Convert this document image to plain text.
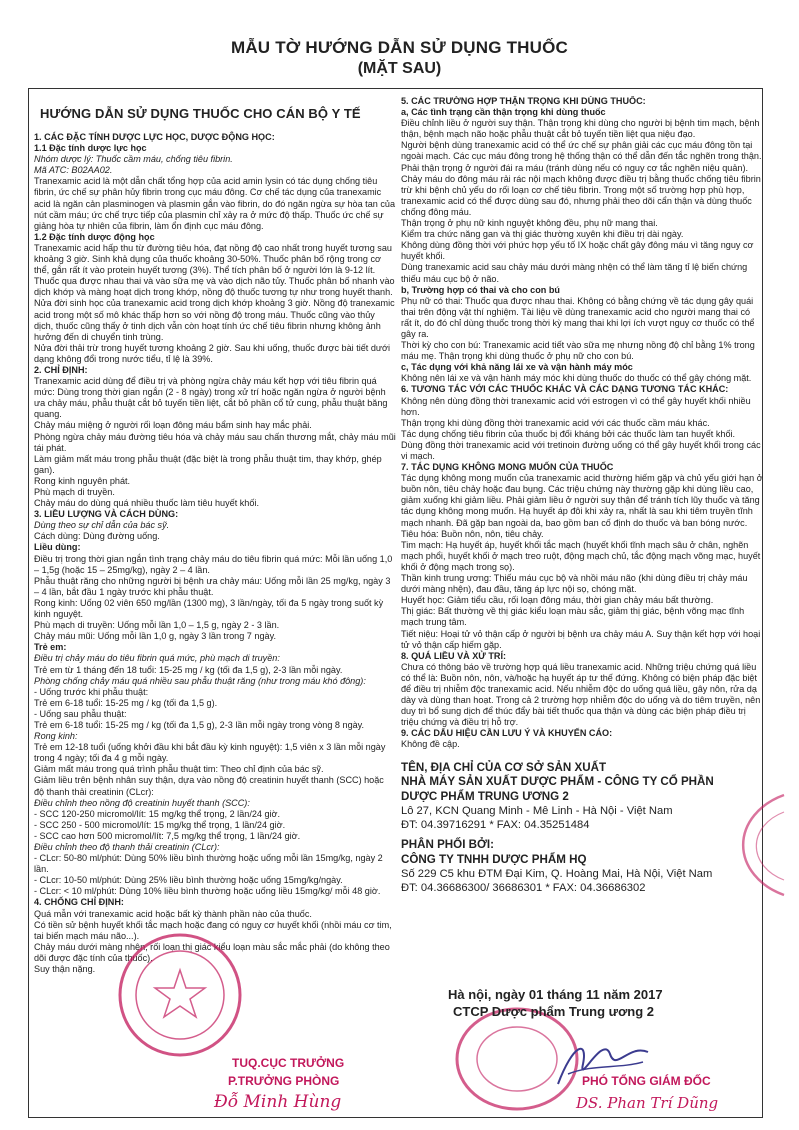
MẪU TỜ HƯỚNG DẪN SỬ DỤNG THUỐC
(MẶT SAU)
HƯỚNG DẪN SỬ DỤNG THUỐC CHO CÁN BỘ Y TẾ

1. CÁC ĐẶC TÍNH DƯỢC LỰC HỌC, DƯỢC ĐỘNG HỌC:

1.1 Đặc tính dược lực học

Nhóm dược lý: Thuốc cầm máu, chống tiêu fibrin.

Mã ATC: B02AA02.

Tranexamic acid là một dẫn chất tổng hợp của acid amin lysin có tác dụng chống tiêu fibrin, ức chế sự phân hủy fibrin trong cục máu đông. Cơ chế tác dụng của tranexamic acid là ngăn cản plasminogen và plasmin gắn vào fibrin, do đó ngăn ngừa sự hòa tan của nút cầm máu; ức chế trực tiếp của plasmin chỉ xảy ra ở mức độ thấp. Thuốc ức chế sự giảng hòa tự nhiên của fibrin, làm ổn định cục máu đông.

1.2 Đặc tính dược động học

Tranexamic acid hấp thu từ đường tiêu hóa, đạt nồng độ cao nhất trong huyết tương sau khoảng 3 giờ. Sinh khả dụng của thuốc khoảng 30-50%. Thuốc phân bố rộng trong cơ thể, gắn rất ít vào protein huyết tương (3%). Thể tích phân bố ở người lớn là 9-12 lít. Thuốc qua được nhau thai và vào sữa mẹ và vào dịch não tủy. Thuốc phân bố nhanh vào dịch khớp và màng hoạt dịch trong khớp, nồng độ thuốc tương tự như trong huyết thanh. Nửa đời sinh học của tranexamic acid trong dịch khớp khoảng 3 giờ. Nồng độ tranexamic acid trong một số mô khác thấp hơn so với nồng độ trong máu. Thuốc cũng vào thủy dịch, thuốc cũng thấy ở tinh dịch vẫn còn hoạt tính ức chế tiêu fibrin nhưng không ảnh hưởng đến di chuyển tinh trùng.

Nửa đời thải trừ trong huyết tương khoảng 2 giờ. Sau khi uống, thuốc được bài tiết dưới dạng không đổi trong nước tiểu, tỉ lệ là 39%.

2. CHỈ ĐỊNH:

Tranexamic acid dùng để điều trị và phòng ngừa chảy máu kết hợp với tiêu fibrin quá mức: Dùng trong thời gian ngắn (2 - 8 ngày) trong xử trí hoặc ngăn ngừa ở người bệnh ưa chảy máu, phẫu thuật cắt bỏ tuyến tiền liệt, cắt bỏ phần cổ tử cung, phẫu thuật băng quang.

Chảy máu miệng ở người rối loạn đông máu bẩm sinh hay mắc phải.

Phòng ngừa chảy máu đường tiêu hóa và chảy máu sau chấn thương mắt, chảy máu mũi tái phát.

Làm giảm mất máu trong phẫu thuật (đặc biệt là trong phẫu thuật tim, thay khớp, ghép gan).

Rong kinh nguyên phát.

Phù mạch di truyền.

Chảy máu do dùng quá nhiều thuốc làm tiêu huyết khối.

3. LIỀU LƯỢNG VÀ CÁCH DÙNG:

Dùng theo sự chỉ dẫn của bác sỹ.

Cách dùng: Dùng đường uống.

Liều dùng:

Điều trị trong thời gian ngắn tình trạng chảy máu do tiêu fibrin quá mức: Mỗi lần uống 1,0 – 1,5g (hoặc 15 – 25mg/kg), ngày 2 – 4 lần.

Phẫu thuật răng cho những người bị bệnh ưa chảy máu: Uống mỗi lần 25 mg/kg, ngày 3 – 4 lần, bắt đầu 1 ngày trước khi phẫu thuật.

Rong kinh: Uống 02 viên 650 mg/lần (1300 mg), 3 lần/ngày, tối đa 5 ngày trong suốt kỳ kinh nguyệt.

Phù mạch di truyền: Uống mỗi lần 1,0 – 1,5 g, ngày 2 - 3 lần.

Chảy máu mũi: Uống mỗi lần 1,0 g, ngày 3 lần trong 7 ngày.

Trẻ em:

Điều trị chảy máu do tiêu fibrin quá mức, phù mạch di truyền:

Trẻ em từ 1 tháng đến 18 tuổi: 15-25 mg / kg (tối đa 1,5 g), 2-3 lần mỗi ngày.

Phòng chống chảy máu quá nhiều sau phẫu thuật răng (như trong máu khó đông):

- Uống trước khi phẫu thuật:

Trẻ em 6-18 tuổi: 15-25 mg / kg (tối đa 1,5 g).

- Uống sau phẫu thuật:

Trẻ em 6-18 tuổi: 15-25 mg / kg (tối đa 1,5 g), 2-3 lần mỗi ngày trong vòng 8 ngày.

Rong kinh:

Trẻ em 12-18 tuổi (uống khởi đầu khi bắt đầu kỳ kinh nguyệt): 1,5 viên x 3 lần mỗi ngày trong 4 ngày; tối đa 4 g mỗi ngày.

Giảm mất máu trong quá trình phẫu thuật tim: Theo chỉ định của bác sỹ.

Giảm liều trên bệnh nhân suy thận, dựa vào nồng độ creatinin huyết thanh (SCC) hoặc độ thanh thải creatinin (CLcr):

Điều chỉnh theo nồng độ creatinin huyết thanh (SCC):

- SCC 120-250 micromol/lít: 15 mg/kg thể trọng, 2 lần/24 giờ.

- SCC 250 - 500 micromol/lít: 15 mg/kg thể trọng, 1 lần/24 giờ.

- SCC cao hơn 500 micromol/lít: 7,5 mg/kg thể trọng, 1 lần/24 giờ.

Điều chỉnh theo độ thanh thải creatinin (CLcr):

- CLcr: 50-80 ml/phút: Dùng 50% liều bình thường hoặc uống mỗi lần 15mg/kg, ngày 2 lần.

- CLcr: 10-50 ml/phút: Dùng 25% liều bình thường hoặc uống 15mg/kg/ngày.

- CLcr: < 10 ml/phút: Dùng 10% liều bình thường hoặc uống liều 15mg/kg/ mỗi 48 giờ.

4. CHỐNG CHỈ ĐỊNH:

Quá mẫn với tranexamic acid hoặc bất kỳ thành phần nào của thuốc.

Có tiền sử bệnh huyết khối tắc mạch hoặc đang có nguy cơ huyết khối (nhồi máu cơ tim, tai biến mạch máu não...).

Chảy máu dưới màng nhện, rối loạn thị giác kiểu loạn màu sắc mắc phải (do không theo dõi được đặc tính của thuốc).

Suy thận nặng.

5. CÁC TRƯỜNG HỢP THẬN TRỌNG KHI DÙNG THUỐC:

a, Các tình trạng cần thận trọng khi dùng thuốc

Điều chỉnh liều ở người suy thận. Thận trọng khi dùng cho người bị bệnh tim mạch, bệnh thận, bệnh mạch não hoặc phẫu thuật cắt bỏ tuyến tiền liệt qua niệu đạo.

Người bệnh dùng tranexamic acid có thể ức chế sự phân giải các cục máu đông tồn tại ngoài mạch. Các cục máu đông trong hệ thống thận có thể dẫn đến tắc nghẽn trong thận. Phải thận trọng ở người đái ra máu (tránh dùng nếu có nguy cơ tắc nghẽn niệu quản).

Chảy máu do đông máu rải rác nội mạch không được điều trị bằng thuốc chống tiêu fibrin trừ khi bệnh chủ yếu do rối loạn cơ chế tiêu fibrin. Trong một số trường hợp phù hợp, tranexamic acid có thể được dùng sau đó, nhưng phải theo dõi cẩn thận và dùng thuốc chống đông máu.

Thận trọng ở phụ nữ kinh nguyệt không đều, phụ nữ mang thai.

Kiểm tra chức năng gan và thị giác thường xuyên khi điều trị dài ngày.

Không dùng đồng thời với phức hợp yếu tố IX hoặc chất gây đông máu vì tăng nguy cơ huyết khối.

Dùng tranexamic acid sau chảy máu dưới màng nhện có thể làm tăng tỉ lệ biến chứng thiếu máu cục bộ ở não.

b, Trường hợp có thai và cho con bú

Phụ nữ có thai: Thuốc qua được nhau thai. Không có bằng chứng về tác dụng gây quái thai trên động vật thí nghiệm. Tài liệu về dùng tranexamic acid cho người mang thai có rất ít, do đó chỉ dùng thuốc trong thời kỳ mang thai khi lợi ích vượt nguy cơ thuốc có thể gây ra.

Thời kỳ cho con bú: Tranexamic acid tiết vào sữa mẹ nhưng nồng độ chỉ bằng 1% trong máu mẹ. Thận trọng khi dùng thuốc ở phụ nữ cho con bú.

c, Tác dụng với khả năng lái xe và vận hành máy móc

Không nên lái xe và vận hành máy móc khi dùng thuốc do thuốc có thể gây chóng mặt.

6. TƯƠNG TÁC VỚI CÁC THUỐC KHÁC VÀ CÁC DẠNG TƯƠNG TÁC KHÁC:

Không nên dùng đồng thời tranexamic acid với estrogen vì có thể gây huyết khối nhiều hơn.

Thận trọng khi dùng đồng thời tranexamic acid với các thuốc cầm máu khác.

Tác dụng chống tiêu fibrin của thuốc bị đối kháng bởi các thuốc làm tan huyết khối.

Dùng đồng thời tranexamic acid với tretinoin đường uống có thể gây huyết khối trong các vi mạch.

7. TÁC DỤNG KHÔNG MONG MUỐN CỦA THUỐC

Tác dụng không mong muốn của tranexamic acid thường hiếm gặp và chủ yếu giới hạn ở buồn nôn, tiêu chảy hoặc đau bụng. Các triệu chứng này thường gặp khi dùng liều cao, giảm xuống khi giảm liều. Phải giảm liều ở người suy thận để tránh tích lũy thuốc và tăng tác dụng không mong muốn. Hạ huyết áp đôi khi xảy ra, nhất là sau khi tiêm truyền tĩnh mạch nhanh. Đã gặp ban ngoài da, bao gồm ban cố định do thuốc và ban bóng nước.

Tiêu hóa: Buồn nôn, nôn, tiêu chảy.

Tim mạch: Hạ huyết áp, huyết khối tắc mạch (huyết khối tĩnh mạch sâu ở chân, nghẽn mạch phổi, huyết khối ở mạch treo ruột, động mạch chủ, tắc động mạch võng mạc, huyết khối ở động mạch trong sọ).

Thần kinh trung ương: Thiếu máu cục bộ và nhồi máu não (khi dùng điều trị chảy máu dưới màng nhện), đau đầu, tăng áp lực nội sọ, chóng mặt.

Huyết học: Giảm tiểu cầu, rối loạn đông máu, thời gian chảy máu bất thường.

Thị giác: Bất thường về thị giác kiểu loạn màu sắc, giảm thị giác, bệnh võng mạc tĩnh mạch trung tâm.

Tiết niệu: Hoại tử vỏ thận cấp ở người bị bệnh ưa chảy máu A. Suy thận kết hợp với hoại tử vỏ thận cấp hiếm gặp.

8. QUÁ LIỀU VÀ XỬ TRÍ:

Chưa có thông báo về trường hợp quá liều tranexamic acid. Những triệu chứng quá liều có thể là: Buồn nôn, nôn, và/hoặc hạ huyết áp tư thế đứng. Không có biện pháp đặc biệt để điều trị nhiễm độc tranexamic acid. Nếu nhiễm độc do uống quá liều, gây nôn, rửa dạ dày và dùng than hoạt. Trong cả 2 trường hợp nhiễm độc do uống và do tiêm truyền, nên duy trì bổ sung dịch để thúc đẩy bài tiết thuốc qua thận và dùng các biện pháp điều trị triệu chứng và điều trị hỗ trợ.

9. CÁC DẤU HIỆU CẦN LƯU Ý VÀ KHUYẾN CÁO:

Không đề cập.

TÊN, ĐỊA CHỈ CỦA CƠ SỞ SẢN XUẤT
NHÀ MÁY SẢN XUẤT DƯỢC PHẨM - CÔNG TY CỔ PHẦN
DƯỢC PHẨM TRUNG ƯƠNG 2
Lô 27, KCN Quang Minh - Mê Linh - Hà Nội - Việt Nam
ĐT: 04.39716291 * FAX: 04.35251484
PHÂN PHỐI BỞI:
CÔNG TY TNHH DƯỢC PHẨM HQ
Số 229 C5 khu ĐTM Đại Kim, Q. Hoàng Mai, Hà Nội, Việt Nam
ĐT: 04.36686300/ 36686301 * FAX: 04.36686302
Hà nội, ngày 01 tháng 11 năm 2017
CTCP Dược phẩm Trung ương 2
TUQ.CỤC TRƯỞNG
P.TRƯỞNG PHÒNG
Đỗ Minh Hùng
PHÓ TỔNG GIÁM ĐỐC
DS. Phan Trí Dũng
